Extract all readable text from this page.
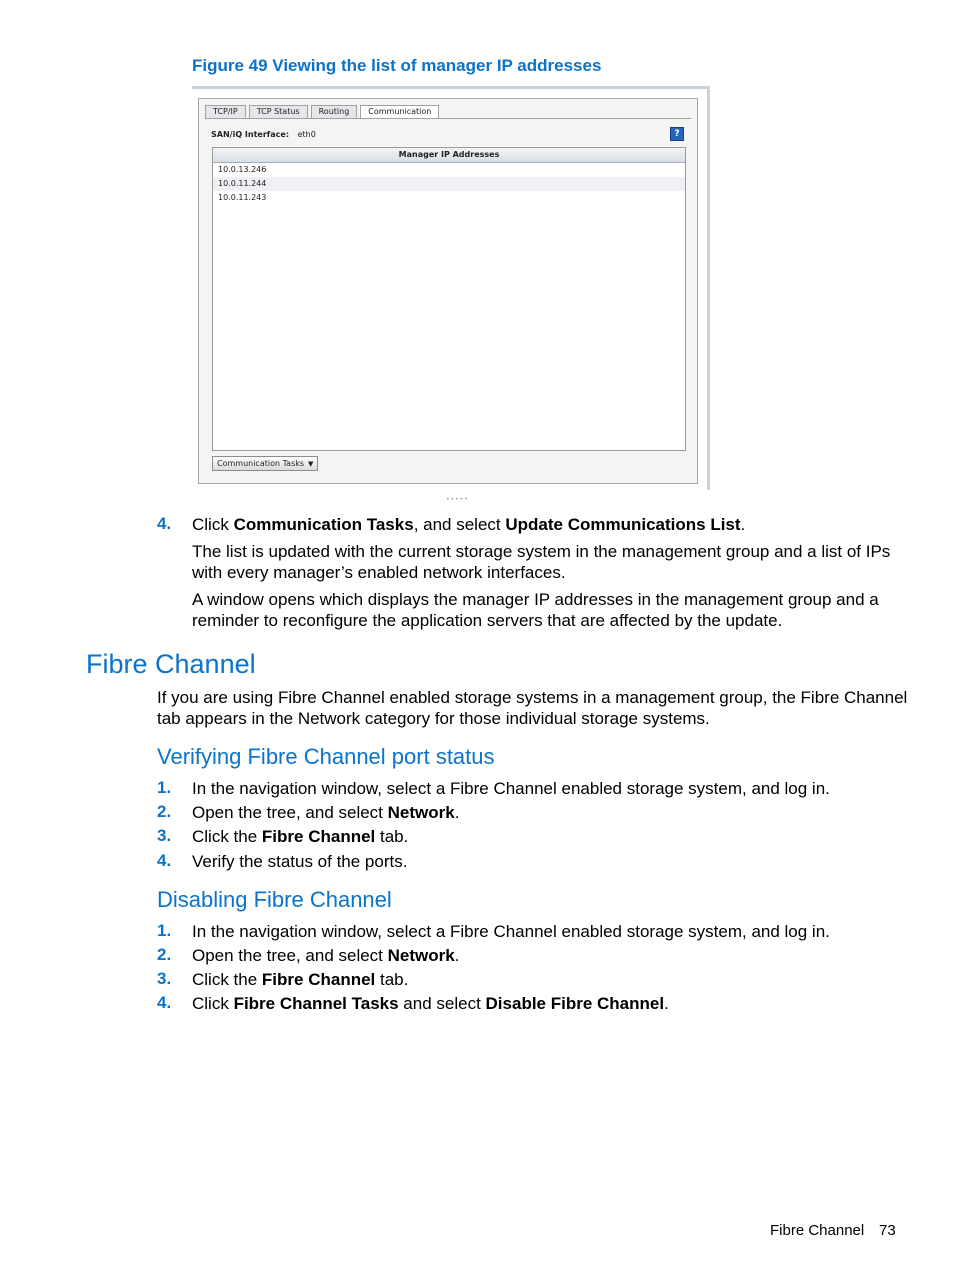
Figure 49 Viewing the list of manager IP addresses
TCP/IP	TCP Status	Routing	Communication
SAN/iQ Interface: eth0	?
Manager IP Addresses
10.0.13.246
10.0.11.244
10.0.11.243
Communication Tasks ▼
•••••
4. Click Communication Tasks, and select Update Communications List.
The list is updated with the current storage system in the management group and a list of IPs
with every manager’s enabled network interfaces.
A window opens which displays the manager IP addresses in the management group and a
reminder to reconfigure the application servers that are affected by the update.
Fibre Channel
If you are using Fibre Channel enabled storage systems in a management group, the Fibre Channel
tab appears in the Network category for those individual storage systems.
Verifying Fibre Channel port status
1. In the navigation window, select a Fibre Channel enabled storage system, and log in.
2. Open the tree, and select Network.
3. Click the Fibre Channel tab.
4. Verify the status of the ports.
Disabling Fibre Channel
1. In the navigation window, select a Fibre Channel enabled storage system, and log in.
2. Open the tree, and select Network.
3. Click the Fibre Channel tab.
4. Click Fibre Channel Tasks and select Disable Fibre Channel.
Fibre Channel 73
